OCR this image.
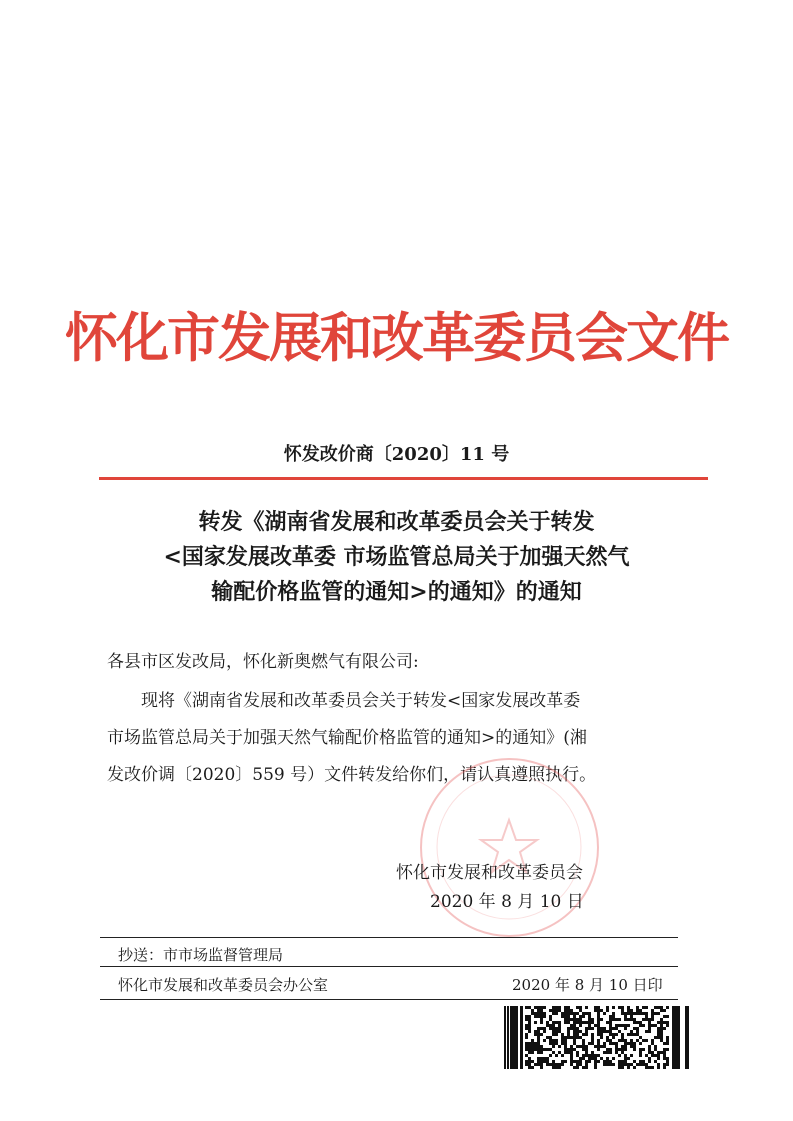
怀化市发展和改革委员会文件
怀发改价商〔2020〕11 号
转发《湖南省发展和改革委员会关于转发
<国家发展改革委 市场监管总局关于加强天然气
输配价格监管的通知>的通知》的通知
各县市区发改局，怀化新奥燃气有限公司:
现将《湖南省发展和改革委员会关于转发<国家发展改革委
市场监管总局关于加强天然气输配价格监管的通知>的通知》(湘
发改价调〔2020〕559 号）文件转发给你们，请认真遵照执行。
怀化市发展和改革委员会
2020 年 8 月 10 日
抄送：市市场监督管理局
怀化市发展和改革委员会办公室	2020 年 8 月 10 日印
